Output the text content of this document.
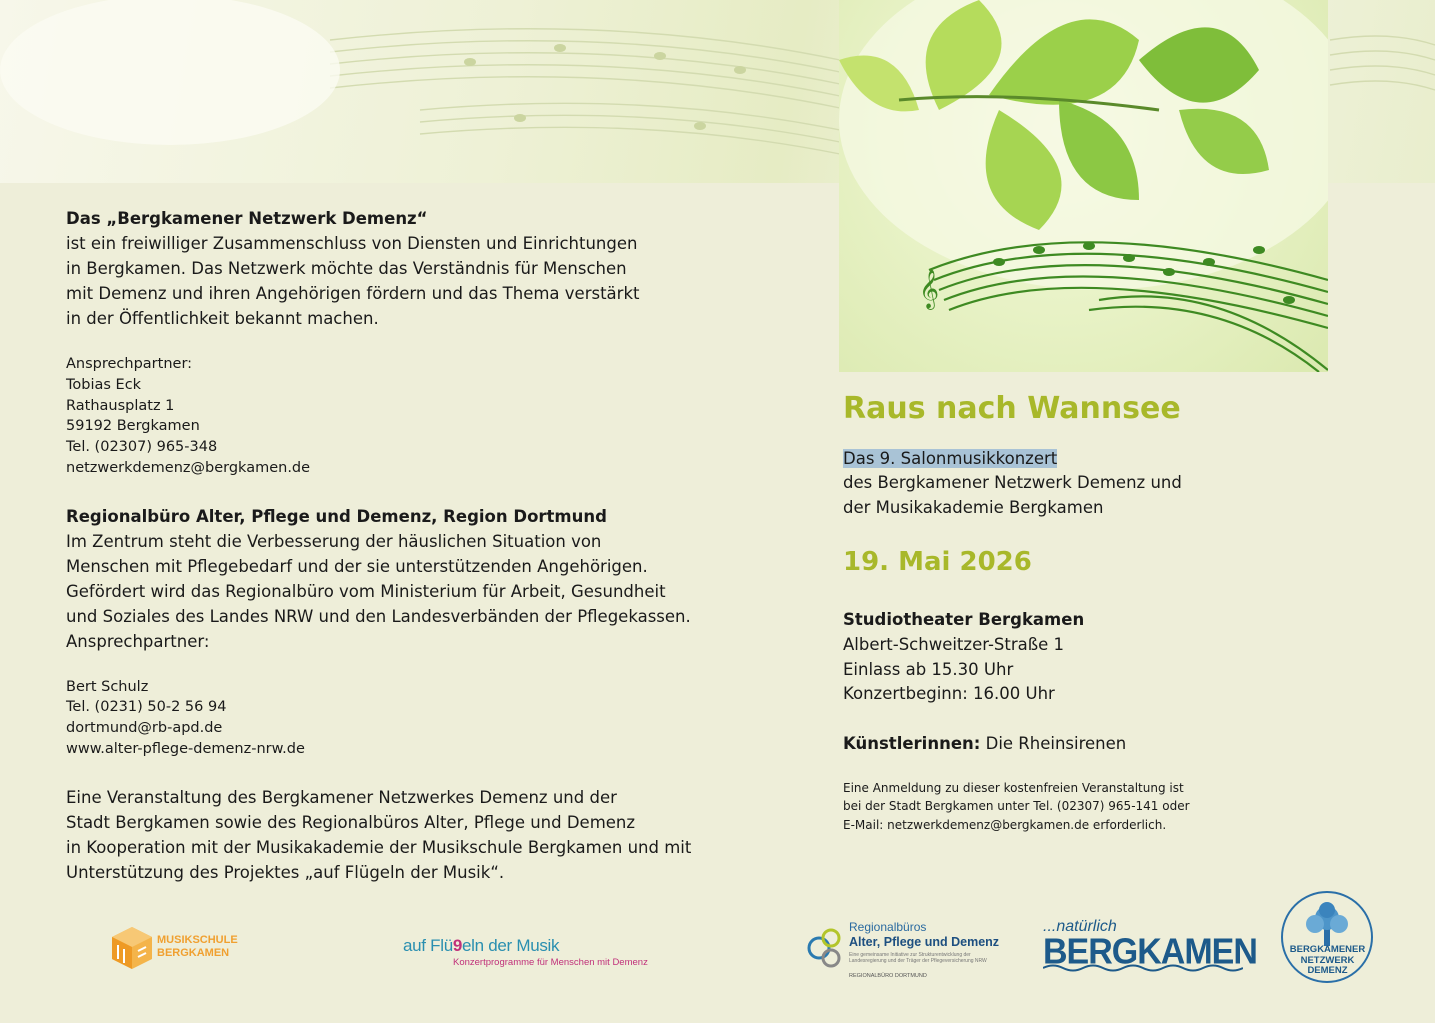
𝄞

Das „Bergkamener Netzwerk Demenz“

ist ein freiwilliger Zusammenschluss von Diensten und Einrichtungen

in Bergkamen. Das Netzwerk möchte das Verständnis für Menschen

mit Demenz und ihren Angehörigen fördern und das Thema verstärkt

in der Öffentlichkeit bekannt machen.

Ansprechpartner:

Tobias Eck

Rathausplatz 1

59192 Bergkamen

Tel. (02307) 965-348

netzwerkdemenz@bergkamen.de

Regionalbüro Alter, Pflege und Demenz, Region Dortmund

Im Zentrum steht die Verbesserung der häuslichen Situation von

Menschen mit Pflegebedarf und der sie unterstützenden Angehörigen.

Gefördert wird das Regionalbüro vom Ministerium für Arbeit, Gesundheit

und Soziales des Landes NRW und den Landesverbänden der Pflegekassen.

Ansprechpartner:

Bert Schulz

Tel. (0231) 50-2 56 94

dortmund@rb-apd.de

www.alter-pflege-demenz-nrw.de

Eine Veranstaltung des Bergkamener Netzwerkes Demenz und der

Stadt Bergkamen sowie des Regionalbüros Alter, Pflege und Demenz

in Kooperation mit der Musikakademie der Musikschule Bergkamen und mit

Unterstützung des Projektes „auf Flügeln der Musik“.

Raus nach Wannsee

Das 9. Salonmusikkonzert

des Bergkamener Netzwerk Demenz und

der Musikakademie Bergkamen

19. Mai 2026

Studiotheater Bergkamen

Albert-Schweitzer-Straße 1

Einlass ab 15.30 Uhr

Konzertbeginn: 16.00 Uhr

Künstlerinnen: Die Rheinsirenen

Eine Anmeldung zu dieser kostenfreien Veranstaltung ist

bei der Stadt Bergkamen unter Tel. (02307) 965-141 oder

E-Mail: netzwerkdemenz@bergkamen.de erforderlich.

MUSIKSCHULE
BERGKAMEN	auf Flü9eln der Musik
Konzertprogramme für Menschen mit Demenz
Regionalbüros
Alter, Pflege und Demenz
Eine gemeinsame Initiative zur Strukturentwicklung der
Landesregierung und der Träger der Pflegeversicherung NRW
REGIONALBÜRO DORTMUND
...natürlich
BERGKAMEN	BERGKAMENER
NETZWERK
DEMENZ
